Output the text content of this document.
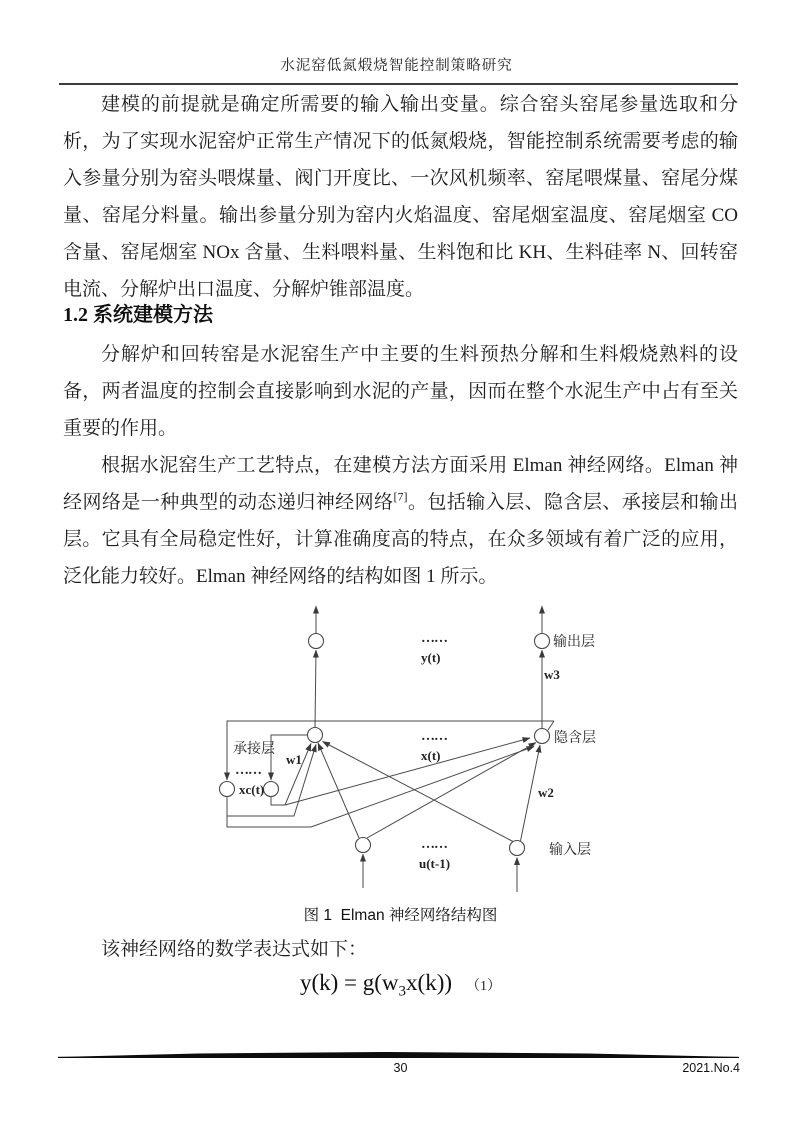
水泥窑低氮煅烧智能控制策略研究

建模的前提就是确定所需要的输入输出变量。综合窑头窑尾参量选取和分析，为了实现水泥窑炉正常生产情况下的低氮煅烧，智能控制系统需要考虑的输入参量分别为窑头喂煤量、阀门开度比、一次风机频率、窑尾喂煤量、窑尾分煤量、窑尾分料量。输出参量分别为窑内火焰温度、窑尾烟室温度、窑尾烟室 CO 含量、窑尾烟室 NOx 含量、生料喂料量、生料饱和比 KH、生料硅率 N、回转窑电流、分解炉出口温度、分解炉锥部温度。

1.2 系统建模方法

分解炉和回转窑是水泥窑生产中主要的生料预热分解和生料煅烧熟料的设备，两者温度的控制会直接影响到水泥的产量，因而在整个水泥生产中占有至关重要的作用。

根据水泥窑生产工艺特点，在建模方法方面采用 Elman 神经网络。Elman 神经网络是一种典型的动态递归神经网络[7]。包括输入层、隐含层、承接层和输出层。它具有全局稳定性好，计算准确度高的特点，在众多领域有着广泛的应用，泛化能力较好。Elman 神经网络的结构如图 1 所示。

……
y(t)
输出层
w3
……
x(t)
隐含层
承接层
……
xc(t)
w1
w2
……
u(t-1)
输入层
图 1  Elman 神经网络结构图

该神经网络的数学表达式如下：

$y(k) = g(w_3x(k))$ （1）
30	2021.No.4
